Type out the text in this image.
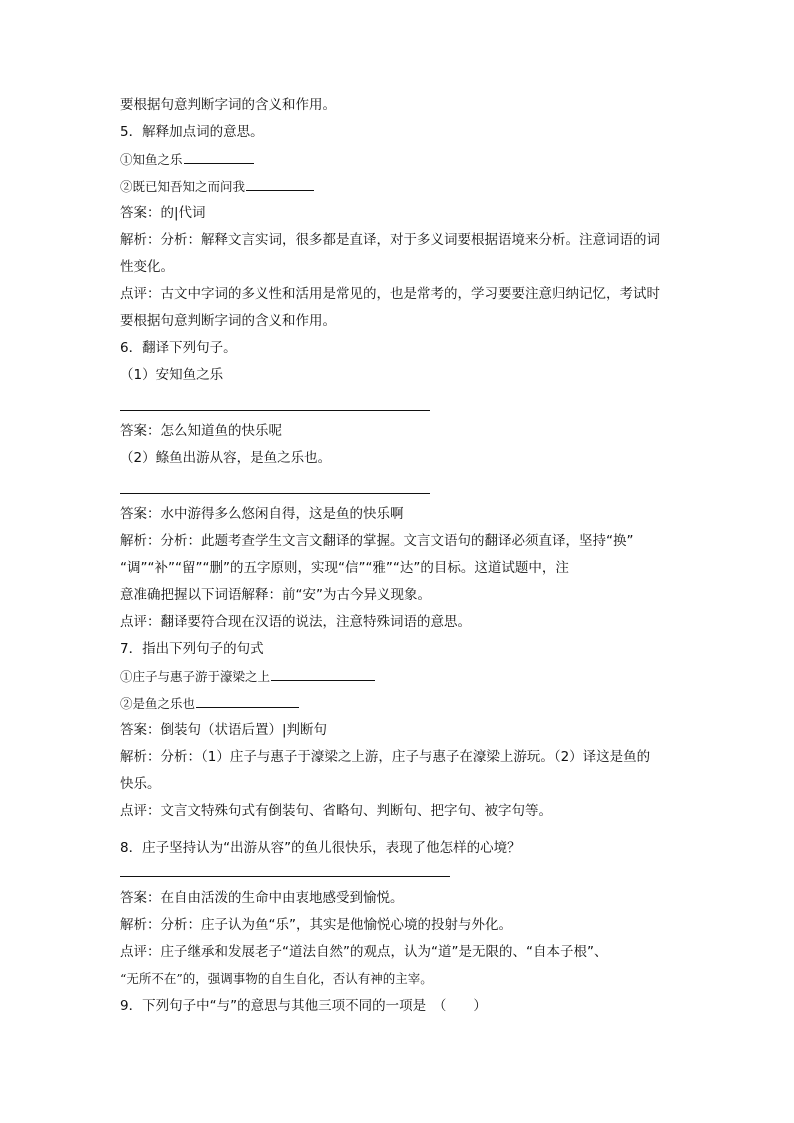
要根据句意判断字词的含义和作用。
5．解释加点词的意思。
①知鱼之乐
②既已知吾知之而问我
答案：的|代词
解析：分析：解释文言实词，很多都是直译，对于多义词要根据语境来分析。注意词语的词
性变化。
点评：古文中字词的多义性和活用是常见的，也是常考的，学习要要注意归纳记忆，考试时
要根据句意判断字词的含义和作用。
6．翻译下列句子。
（1）安知鱼之乐
答案：怎么知道鱼的快乐呢
（2）鲦鱼出游从容，是鱼之乐也。
答案：水中游得多么悠闲自得，这是鱼的快乐啊
解析：分析：此题考查学生文言文翻译的掌握。文言文语句的翻译必须直译，坚持“换”
“调”“补”“留”“删”的五字原则，实现“信”“雅”“达”的目标。这道试题中，注
意准确把握以下词语解释：前“安”为古今异义现象。
点评：翻译要符合现在汉语的说法，注意特殊词语的意思。
7．指出下列句子的句式
①庄子与惠子游于濠梁之上
②是鱼之乐也
答案：倒装句（状语后置）|判断句
解析：分析：（1）庄子与惠子于濠梁之上游，庄子与惠子在濠梁上游玩。（2）译这是鱼的
快乐。
点评：文言文特殊句式有倒装句、省略句、判断句、把字句、被字句等。
8．庄子坚持认为“出游从容”的鱼儿很快乐，表现了他怎样的心境？
答案：在自由活泼的生命中由衷地感受到愉悦。
解析：分析：庄子认为鱼“乐”，其实是他愉悦心境的投射与外化。
点评：庄子继承和发展老子“道法自然”的观点，认为“道”是无限的、“自本子根”、
“无所不在”的，强调事物的自生自化，否认有神的主宰。
9．下列句子中“与”的意思与其他三项不同的一项是　（　　）
